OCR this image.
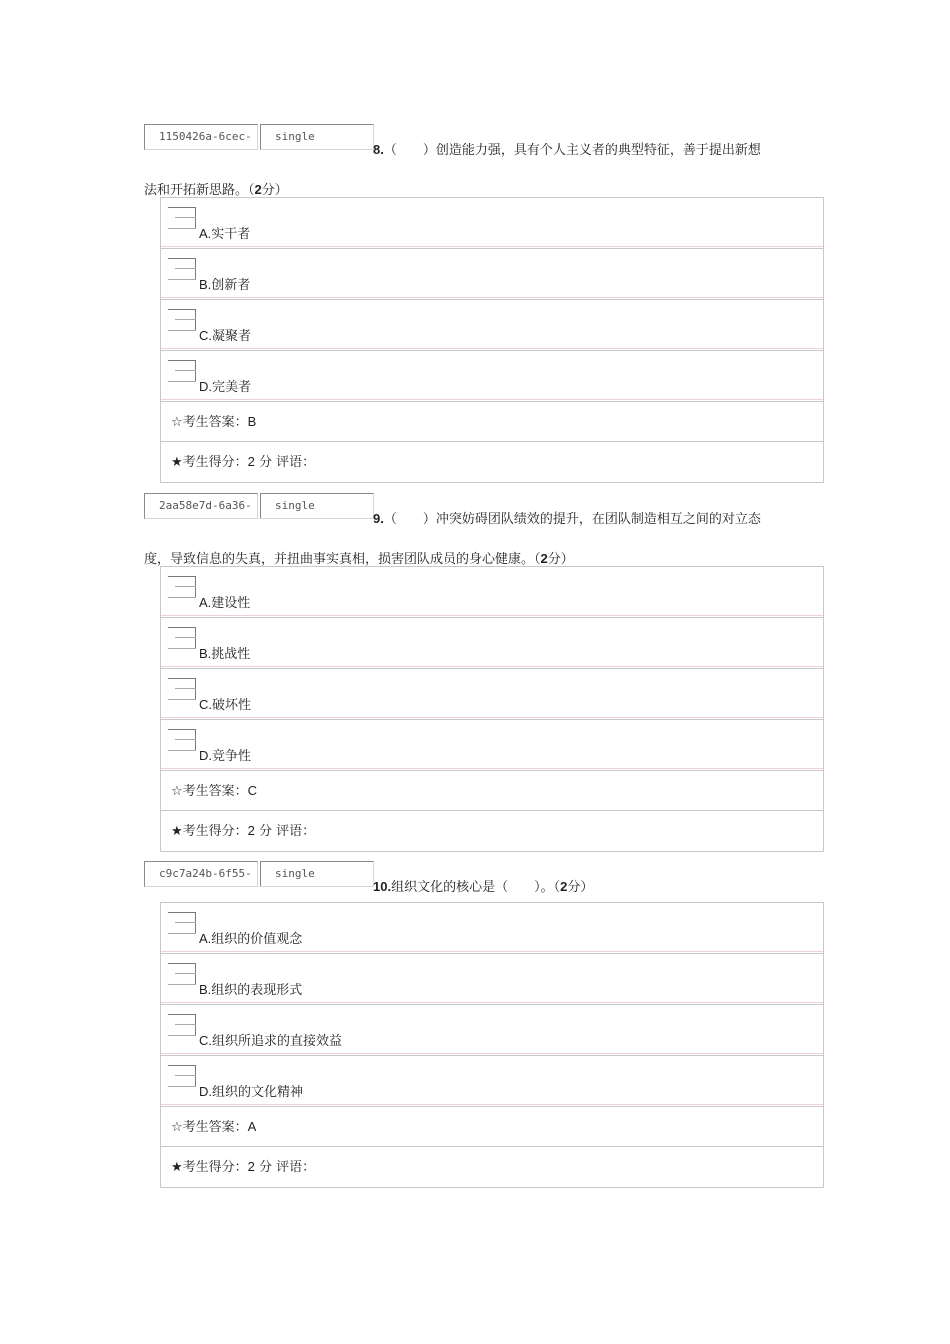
1150426a-6cec-	single
8.（　　）创造能力强，具有个人主义者的典型特征，善于提出新想
法和开拓新思路。（2分）
A.实干者
B.创新者
C.凝聚者
D.完美者
☆考生答案：B
★考生得分：2 分 评语：
2aa58e7d-6a36-	single
9.（　　）冲突妨碍团队绩效的提升，在团队制造相互之间的对立态
度，导致信息的失真，并扭曲事实真相，损害团队成员的身心健康。（2分）
A.建设性
B.挑战性
C.破坏性
D.竞争性
☆考生答案：C
★考生得分：2 分 评语：
c9c7a24b-6f55-	single
10.组织文化的核心是（　　）。（2分）
A.组织的价值观念
B.组织的表现形式
C.组织所追求的直接效益
D.组织的文化精神
☆考生答案：A
★考生得分：2 分 评语：
